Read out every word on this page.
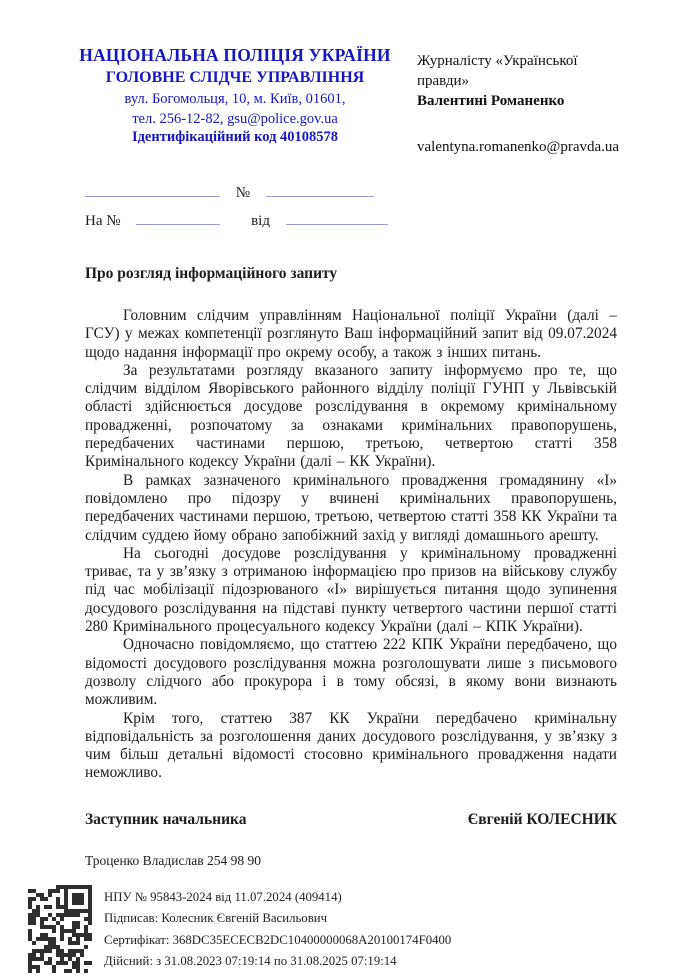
НАЦІОНАЛЬНА ПОЛІЦІЯ УКРАЇНИ
ГОЛОВНЕ СЛІДЧЕ УПРАВЛІННЯ
вул. Богомольця, 10, м. Київ, 01601,
тел. 256-12-82, gsu@police.gov.ua
Ідентифікаційний код 40108578
Журналісту «Української правди»
Валентині Романенко
valentyna.romanenko@pravda.ua
№
На №	від
Про розгляд інформаційного запиту

Головним слідчим управлінням Національної поліції України (далі – ГСУ) у межах компетенції розглянуто Ваш інформаційний запит від 09.07.2024 щодо надання інформації про окрему особу, а також з інших питань.

За результатами розгляду вказаного запиту інформуємо про те, що слідчим відділом Яворівського районного відділу поліції ГУНП у Львівській області здійснюється досудове розслідування в окремому кримінальному провадженні, розпочатому за ознаками кримінальних правопорушень, передбачених частинами першою, третьою, четвертою статті 358 Кримінального кодексу України (далі – КК України).

В рамках зазначеного кримінального провадження громадянину «І» повідомлено про підозру у вчинені кримінальних правопорушень, передбачених частинами першою, третьою, четвертою статті 358 КК України та слідчим суддею йому обрано запобіжний захід у вигляді домашнього арешту.

На сьогодні досудове розслідування у кримінальному провадженні триває, та у зв’язку з отриманою інформацією про призов на військову службу під час мобілізації підозрюваного «І» вирішується питання щодо зупинення досудового розслідування на підставі пункту четвертого частини першої статті 280 Кримінального процесуального кодексу України (далі – КПК України).

Одночасно повідомляємо, що статтею 222 КПК України передбачено, що відомості досудового розслідування можна розголошувати лише з письмового дозволу слідчого або прокурора і в тому обсязі, в якому вони визнають можливим.

Крім того, статтею 387 КК України передбачено кримінальну відповідальність за розголошення даних досудового розслідування, у зв’язку з чим більш детальні відомості стосовно кримінального провадження надати неможливо.

Заступник начальника	Євгеній КОЛЕСНИК
Троценко Владислав 254 98 90
НПУ № 95843-2024 від 11.07.2024 (409414)
Підписав: Колесник Євгеній Васильович
Сертифікат: 368DC35ECECB2DC10400000068A20100174F0400
Дійсний: з 31.08.2023 07:19:14 по 31.08.2025 07:19:14
